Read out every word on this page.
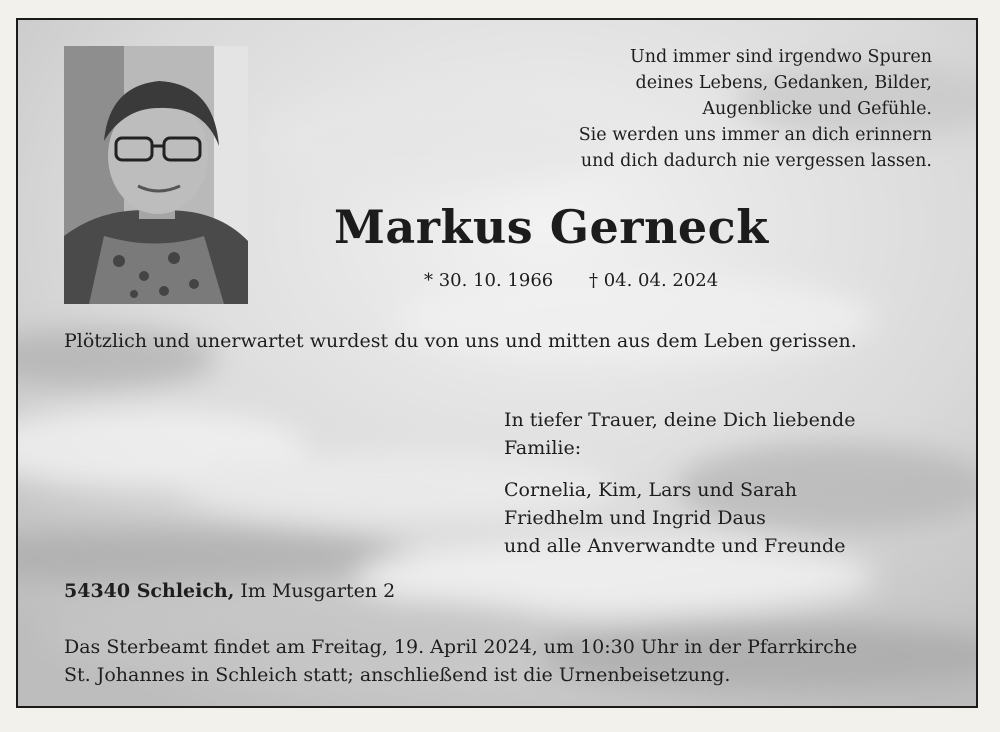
Und immer sind irgendwo Spuren
deines Lebens, Gedanken, Bilder,
Augenblicke und Gefühle.
Sie werden uns immer an dich erinnern
und dich dadurch nie vergessen lassen.
Markus Gerneck
* 30. 10. 1966 † 04. 04. 2024
Plötzlich und unerwartet wurdest du von uns und mitten aus dem Leben gerissen.
In tiefer Trauer, deine Dich liebende Familie:
Cornelia, Kim, Lars und Sarah
Friedhelm und Ingrid Daus
und alle Anverwandte und Freunde
54340 Schleich, Im Musgarten 2
Das Sterbeamt findet am Freitag, 19. April 2024, um 10:30 Uhr in der Pfarrkirche
St. Johannes in Schleich statt; anschließend ist die Urnenbeisetzung.
